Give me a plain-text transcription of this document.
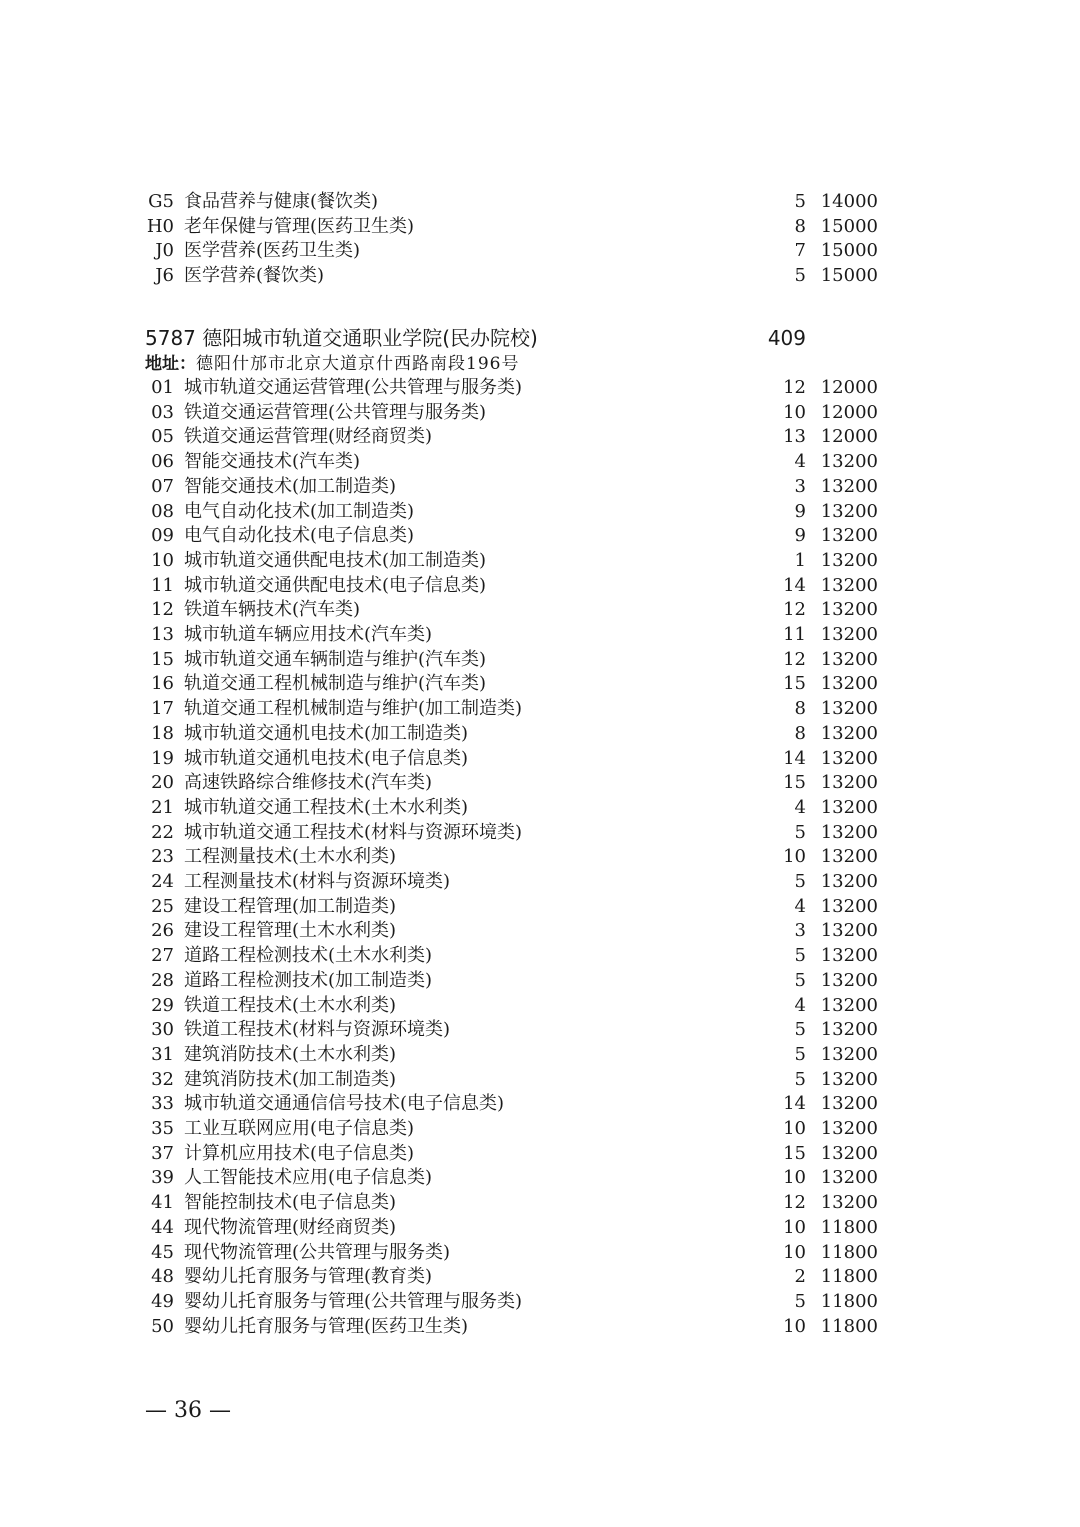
G5 食品营养与健康(餐饮类)	5 14000
H0 老年保健与管理(医药卫生类)	8 15000
J0 医学营养(医药卫生类)	7 15000
J6 医学营养(餐饮类)	5 15000
5787 德阳城市轨道交通职业学院(民办院校)	409
地址：德阳什邡市北京大道京什西路南段196号
01 城市轨道交通运营管理(公共管理与服务类)	12 12000
03 铁道交通运营管理(公共管理与服务类)	10 12000
05 铁道交通运营管理(财经商贸类)	13 12000
06 智能交通技术(汽车类)	4 13200
07 智能交通技术(加工制造类)	3 13200
08 电气自动化技术(加工制造类)	9 13200
09 电气自动化技术(电子信息类)	9 13200
10 城市轨道交通供配电技术(加工制造类)	1 13200
11 城市轨道交通供配电技术(电子信息类)	14 13200
12 铁道车辆技术(汽车类)	12 13200
13 城市轨道车辆应用技术(汽车类)	11 13200
15 城市轨道交通车辆制造与维护(汽车类)	12 13200
16 轨道交通工程机械制造与维护(汽车类)	15 13200
17 轨道交通工程机械制造与维护(加工制造类)	8 13200
18 城市轨道交通机电技术(加工制造类)	8 13200
19 城市轨道交通机电技术(电子信息类)	14 13200
20 高速铁路综合维修技术(汽车类)	15 13200
21 城市轨道交通工程技术(土木水利类)	4 13200
22 城市轨道交通工程技术(材料与资源环境类)	5 13200
23 工程测量技术(土木水利类)	10 13200
24 工程测量技术(材料与资源环境类)	5 13200
25 建设工程管理(加工制造类)	4 13200
26 建设工程管理(土木水利类)	3 13200
27 道路工程检测技术(土木水利类)	5 13200
28 道路工程检测技术(加工制造类)	5 13200
29 铁道工程技术(土木水利类)	4 13200
30 铁道工程技术(材料与资源环境类)	5 13200
31 建筑消防技术(土木水利类)	5 13200
32 建筑消防技术(加工制造类)	5 13200
33 城市轨道交通通信信号技术(电子信息类)	14 13200
35 工业互联网应用(电子信息类)	10 13200
37 计算机应用技术(电子信息类)	15 13200
39 人工智能技术应用(电子信息类)	10 13200
41 智能控制技术(电子信息类)	12 13200
44 现代物流管理(财经商贸类)	10 11800
45 现代物流管理(公共管理与服务类)	10 11800
48 婴幼儿托育服务与管理(教育类)	2 11800
49 婴幼儿托育服务与管理(公共管理与服务类)	5 11800
50 婴幼儿托育服务与管理(医药卫生类)	10 11800
— 36 —
